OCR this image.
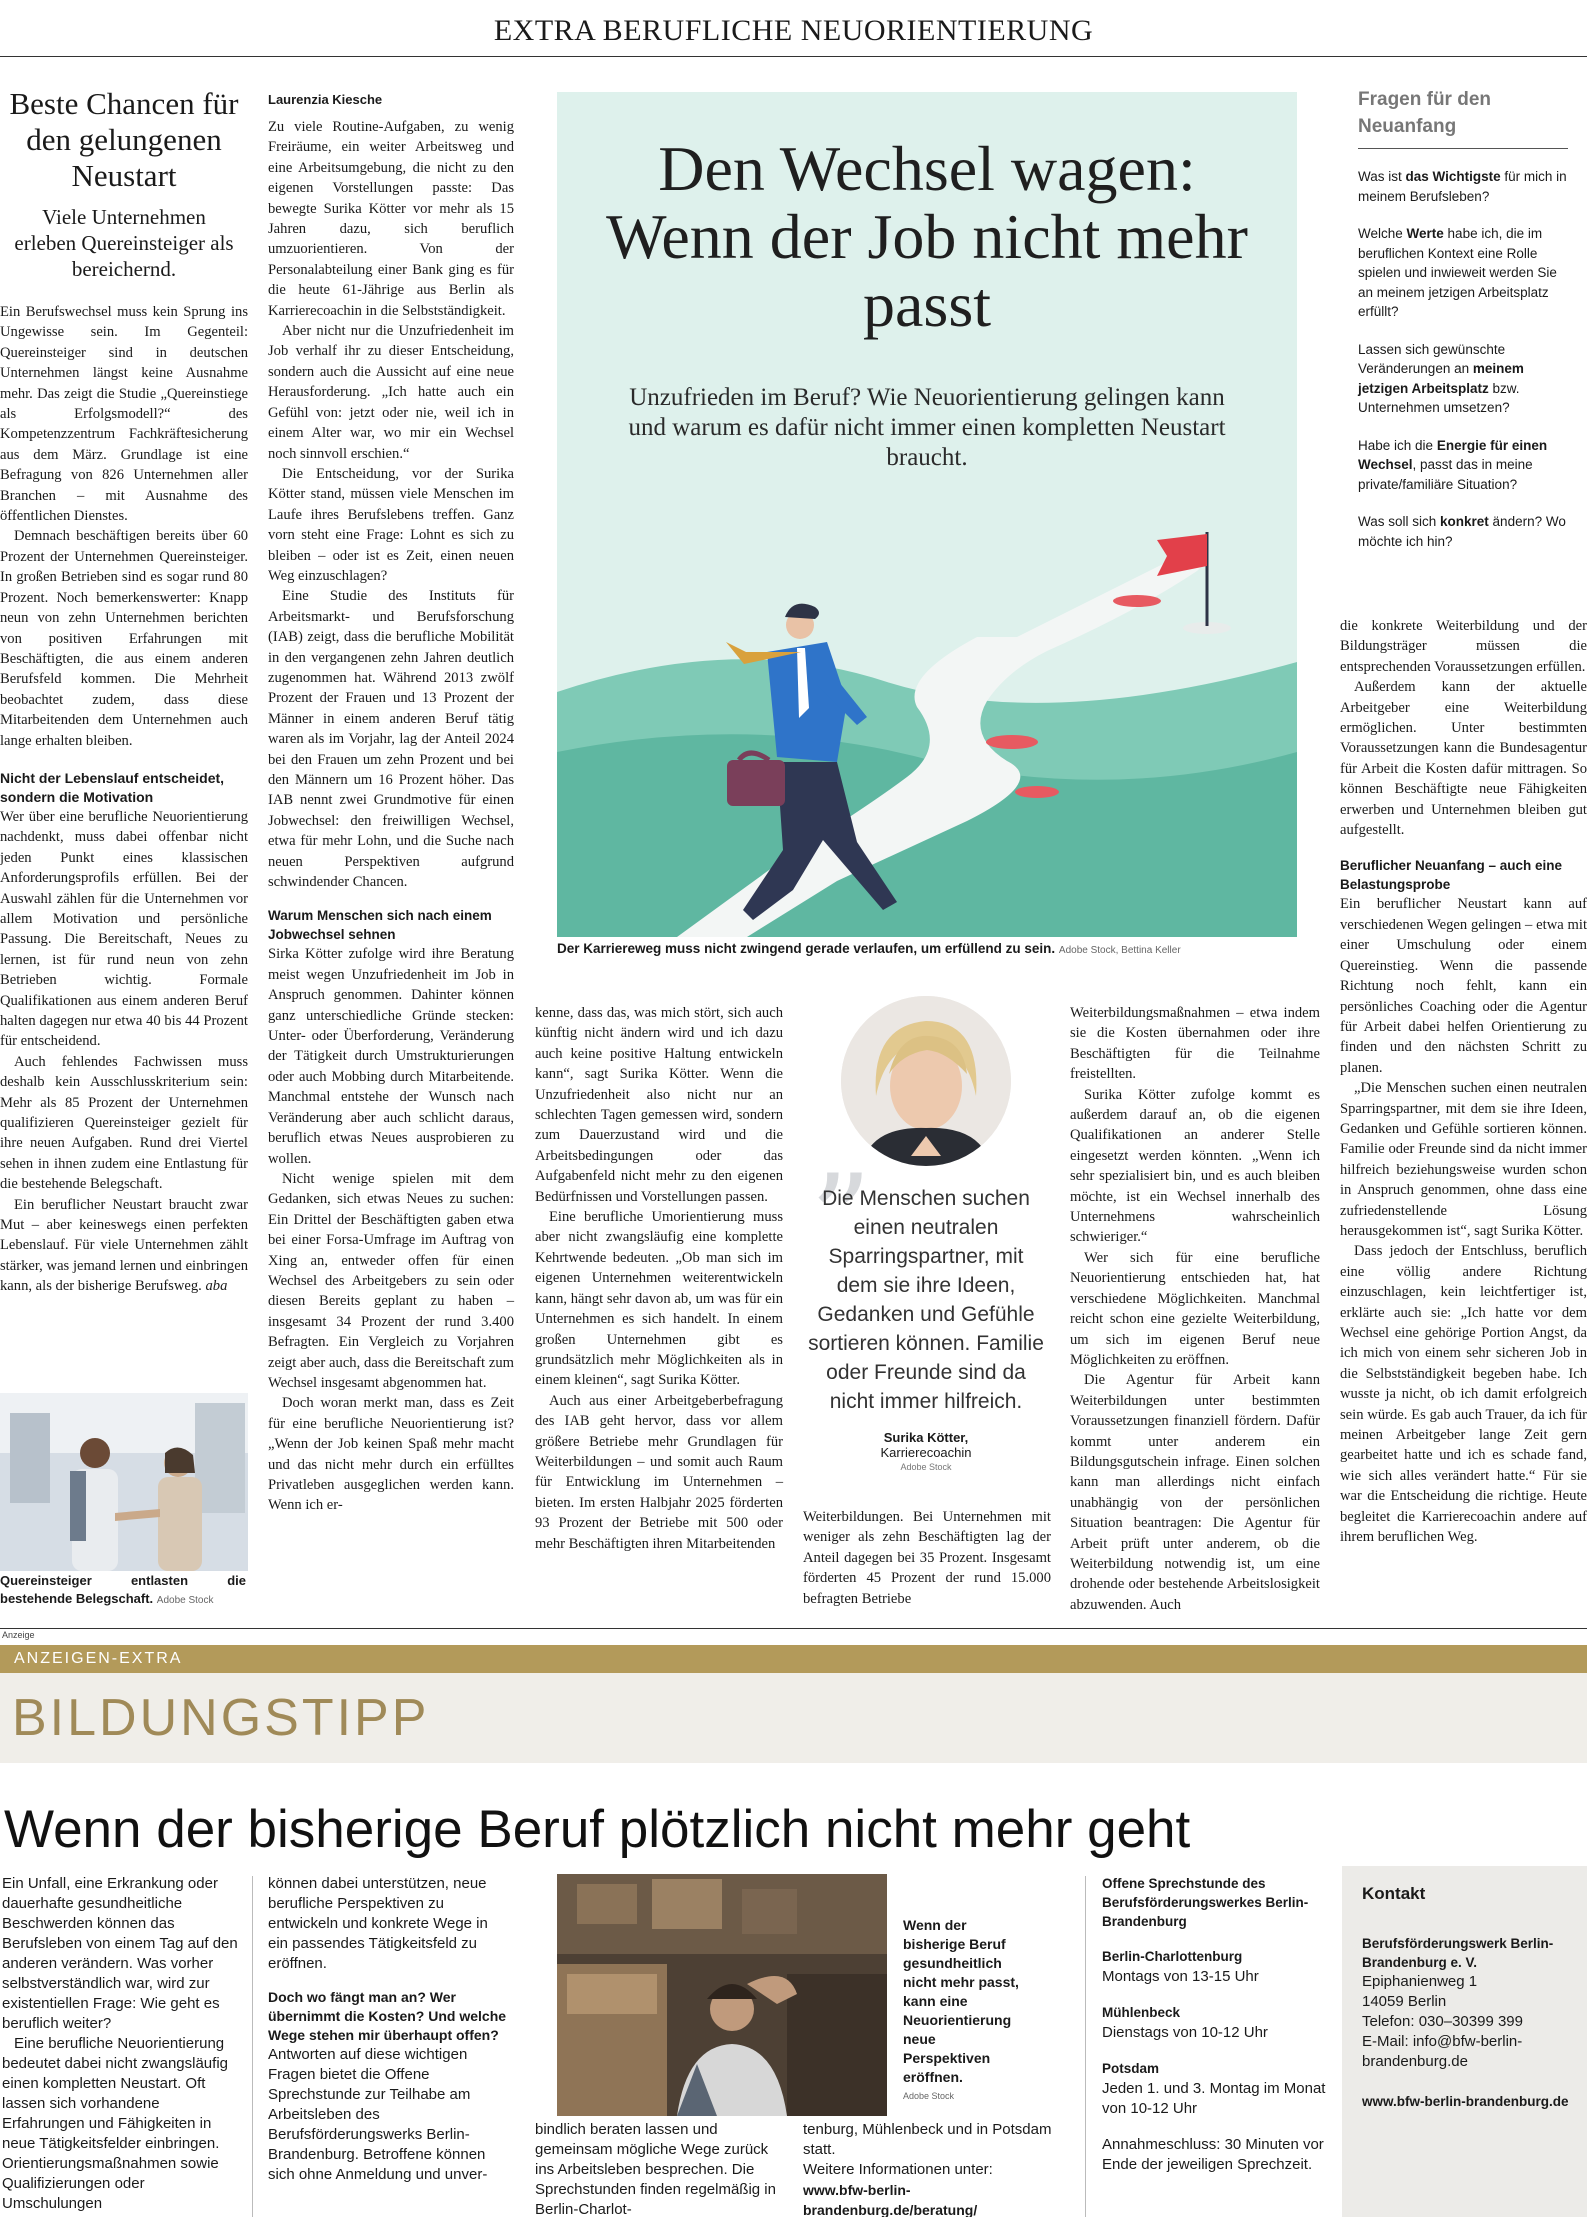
EXTRA BERUFLICHE NEUORIENTIERUNG
Beste Chancen für den gelungenen Neustart
Viele Unternehmen erleben Quereinsteiger als bereichernd.
Ein Berufswechsel muss kein Sprung ins Ungewisse sein. Im Gegenteil: Quereinsteiger sind in deutschen Unternehmen längst keine Ausnahme mehr. Das zeigt die Studie „Quereinstiege als Erfolgsmodell?“ des Kompetenzzentrum Fachkräftesicherung aus dem März. Grundlage ist eine Befragung von 826 Unternehmen aller Branchen – mit Ausnahme des öffentlichen Dienstes.
Demnach beschäftigen bereits über 60 Prozent der Unternehmen Quereinsteiger. In großen Betrieben sind es sogar rund 80 Prozent. Noch bemerkenswerter: Knapp neun von zehn Unternehmen berichten von positiven Erfahrungen mit Beschäftigten, die aus einem anderen Berufsfeld kommen. Die Mehrheit beobachtet zudem, dass diese Mitarbeitenden dem Unternehmen auch lange erhalten bleiben.
Nicht der Lebenslauf entscheidet, sondern die Motivation
Wer über eine berufliche Neuorientierung nachdenkt, muss dabei offenbar nicht jeden Punkt eines klassischen Anforderungsprofils erfüllen. Bei der Auswahl zählen für die Unternehmen vor allem Motivation und persönliche Passung. Die Bereitschaft, Neues zu lernen, ist für rund neun von zehn Betrieben wichtig. Formale Qualifikationen aus einem anderen Beruf halten dagegen nur etwa 40 bis 44 Prozent für entscheidend.
Auch fehlendes Fachwissen muss deshalb kein Ausschlusskriterium sein: Mehr als 85 Prozent der Unternehmen qualifizieren Quereinsteiger gezielt für ihre neuen Aufgaben. Rund drei Viertel sehen in ihnen zudem eine Entlastung für die bestehende Belegschaft.
Ein beruflicher Neustart braucht zwar Mut – aber keineswegs einen perfekten Lebenslauf. Für viele Unternehmen zählt stärker, was jemand lernen und einbringen kann, als der bisherige Berufsweg. aba
Quereinsteiger entlasten die bestehende Belegschaft. Adobe Stock
Laurenzia Kiesche
Zu viele Routine-Aufgaben, zu wenig Freiräume, ein weiter Arbeitsweg und eine Arbeitsumgebung, die nicht zu den eigenen Vorstellungen passte: Das bewegte Surika Kötter vor mehr als 15 Jahren dazu, sich beruflich umzuorientieren. Von der Personalabteilung einer Bank ging es für die heute 61-Jährige aus Berlin als Karrierecoachin in die Selbstständigkeit.
Aber nicht nur die Unzufriedenheit im Job verhalf ihr zu dieser Entscheidung, sondern auch die Aussicht auf eine neue Herausforderung. „Ich hatte auch ein Gefühl von: jetzt oder nie, weil ich in einem Alter war, wo mir ein Wechsel noch sinnvoll erschien.“
Die Entscheidung, vor der Surika Kötter stand, müssen viele Menschen im Laufe ihres Berufslebens treffen. Ganz vorn steht eine Frage: Lohnt es sich zu bleiben – oder ist es Zeit, einen neuen Weg einzuschlagen?
Eine Studie des Instituts für Arbeitsmarkt- und Berufsforschung (IAB) zeigt, dass die berufliche Mobilität in den vergangenen zehn Jahren deutlich zugenommen hat. Während 2013 zwölf Prozent der Frauen und 13 Prozent der Männer in einem anderen Beruf tätig waren als im Vorjahr, lag der Anteil 2024 bei den Frauen um zehn Prozent und bei den Männern um 16 Prozent höher. Das IAB nennt zwei Grundmotive für einen Jobwechsel: den freiwilligen Wechsel, etwa für mehr Lohn, und die Suche nach neuen Perspektiven aufgrund schwindender Chancen.
Warum Menschen sich nach einem Jobwechsel sehnen
Sirka Kötter zufolge wird ihre Beratung meist wegen Unzufriedenheit im Job in Anspruch genommen. Dahinter können ganz unterschiedliche Gründe stecken: Unter- oder Überforderung, Veränderung der Tätigkeit durch Umstrukturierungen oder auch Mobbing durch Mitarbeitende. Manchmal entstehe der Wunsch nach Veränderung aber auch schlicht daraus, beruflich etwas Neues ausprobieren zu wollen.
Nicht wenige spielen mit dem Gedanken, sich etwas Neues zu suchen: Ein Drittel der Beschäftigten gaben etwa bei einer Forsa-Umfrage im Auftrag von Xing an, entweder offen für einen Wechsel des Arbeitgebers zu sein oder diesen Bereits geplant zu haben – insgesamt 34 Prozent der rund 3.400 Befragten. Ein Vergleich zu Vorjahren zeigt aber auch, dass die Bereitschaft zum Wechsel insgesamt abgenommen hat.
Doch woran merkt man, dass es Zeit für eine berufliche Neuorientierung ist? „Wenn der Job keinen Spaß mehr macht und das nicht mehr durch ein erfülltes Privatleben ausgeglichen werden kann. Wenn ich er-
Den Wechsel wagen: Wenn der Job nicht mehr passt
Unzufrieden im Beruf? Wie Neuorientierung gelingen kann und warum es dafür nicht immer einen kompletten Neustart braucht.
Der Karriereweg muss nicht zwingend gerade verlaufen, um erfüllend zu sein. Adobe Stock, Bettina Keller
kenne, dass das, was mich stört, sich auch künftig nicht ändern wird und ich dazu auch keine positive Haltung entwickeln kann“, sagt Surika Kötter. Wenn die Unzufriedenheit also nicht nur an schlechten Tagen gemessen wird, sondern zum Dauerzustand wird und die Arbeitsbedingungen oder das Aufgabenfeld nicht mehr zu den eigenen Bedürfnissen und Vorstellungen passen.
Eine berufliche Umorientierung muss aber nicht zwangsläufig eine komplette Kehrtwende bedeuten. „Ob man sich im eigenen Unternehmen weiterentwickeln kann, hängt sehr davon ab, um was für ein Unternehmen es sich handelt. In einem großen Unternehmen gibt es grundsätzlich mehr Möglichkeiten als in einem kleinen“, sagt Surika Kötter.
Auch aus einer Arbeitgeberbefragung des IAB geht hervor, dass vor allem größere Betriebe mehr Grundlagen für Weiterbildungen – und somit auch Raum für Entwicklung im Unternehmen – bieten. Im ersten Halbjahr 2025 förderten 93 Prozent der Betriebe mit 500 oder mehr Beschäftigten ihren Mitarbeitenden
”
Die Menschen suchen einen neutralen Sparringspartner, mit dem sie ihre Ideen, Gedanken und Gefühle sortieren können. Familie oder Freunde sind da nicht immer hilfreich.
Surika Kötter,
Karrierecoachin
Adobe Stock
Weiterbildungen. Bei Unternehmen mit weniger als zehn Beschäftigten lag der Anteil dagegen bei 35 Prozent. Insgesamt förderten 45 Prozent der rund 15.000 befragten Betriebe
Weiterbildungsmaßnahmen – etwa indem sie die Kosten übernahmen oder ihre Beschäftigten für die Teilnahme freistellten.
Surika Kötter zufolge kommt es außerdem darauf an, ob die eigenen Qualifikationen an anderer Stelle eingesetzt werden könnten. „Wenn ich sehr spezialisiert bin, und es auch bleiben möchte, ist ein Wechsel innerhalb des Unternehmens wahrscheinlich schwieriger.“
Wer sich für eine berufliche Neuorientierung entschieden hat, hat verschiedene Möglichkeiten. Manchmal reicht schon eine gezielte Weiterbildung, um sich im eigenen Beruf neue Möglichkeiten zu eröffnen.
Die Agentur für Arbeit kann Weiterbildungen unter bestimmten Voraussetzungen finanziell fördern. Dafür kommt unter anderem ein Bildungsgutschein infrage. Einen solchen kann man allerdings nicht einfach unabhängig von der persönlichen Situation beantragen: Die Agentur für Arbeit prüft unter anderem, ob die Weiterbildung notwendig ist, um eine drohende oder bestehende Arbeitslosigkeit abzuwenden. Auch
Fragen für den Neuanfang
Was ist das Wichtigste für mich in meinem Berufsleben?
Welche Werte habe ich, die im beruflichen Kontext eine Rolle spielen und inwieweit werden Sie an meinem jetzigen Arbeitsplatz erfüllt?
Lassen sich gewünschte Veränderungen an meinem jetzigen Arbeitsplatz bzw. Unternehmen umsetzen?
Habe ich die Energie für einen Wechsel, passt das in meine private/familiäre Situation?
Was soll sich konkret ändern? Wo möchte ich hin?
die konkrete Weiterbildung und der Bildungsträger müssen die entsprechenden Voraussetzungen erfüllen.
Außerdem kann der aktuelle Arbeitgeber eine Weiterbildung ermöglichen. Unter bestimmten Voraussetzungen kann die Bundesagentur für Arbeit die Kosten dafür mittragen. So können Beschäftigte neue Fähigkeiten erwerben und Unternehmen bleiben gut aufgestellt.
Beruflicher Neuanfang – auch eine Belastungsprobe
Ein beruflicher Neustart kann auf verschiedenen Wegen gelingen – etwa mit einer Umschulung oder einem Quereinstieg. Wenn die passende Richtung noch fehlt, kann ein persönliches Coaching oder die Agentur für Arbeit dabei helfen Orientierung zu finden und den nächsten Schritt zu planen.
„Die Menschen suchen einen neutralen Sparringspartner, mit dem sie ihre Ideen, Gedanken und Gefühle sortieren können. Familie oder Freunde sind da nicht immer hilfreich beziehungsweise wurden schon in Anspruch genommen, ohne dass eine zufriedenstellende Lösung herausgekommen ist“, sagt Surika Kötter.
Dass jedoch der Entschluss, beruflich eine völlig andere Richtung einzuschlagen, kein leichtfertiger ist, erklärte auch sie: „Ich hatte vor dem Wechsel eine gehörige Portion Angst, da ich mich von einem sehr sicheren Job in die Selbstständigkeit begeben habe. Ich wusste ja nicht, ob ich damit erfolgreich sein würde. Es gab auch Trauer, da ich für meinen Arbeitgeber lange Zeit gern gearbeitet hatte und ich es schade fand, wie sich alles verändert hatte.“ Für sie war die Entscheidung die richtige. Heute begleitet die Karrierecoachin andere auf ihrem beruflichen Weg.
Anzeige
ANZEIGEN-EXTRA
BILDUNGSTIPP
Wenn der bisherige Beruf plötzlich nicht mehr geht
Ein Unfall, eine Erkrankung oder dauerhafte gesundheitliche Beschwerden können das Berufsleben von einem Tag auf den anderen verändern. Was vorher selbstverständlich war, wird zur existentiellen Frage: Wie geht es beruflich weiter?
Eine berufliche Neuorientierung bedeutet dabei nicht zwangsläufig einen kompletten Neustart. Oft lassen sich vorhandene Erfahrungen und Fähigkeiten in neue Tätigkeitsfelder einbringen. Orientierungsmaßnahmen sowie Qualifizierungen oder Umschulungen
können dabei unterstützen, neue berufliche Perspektiven zu entwickeln und konkrete Wege in ein passendes Tätigkeitsfeld zu eröffnen.
Doch wo fängt man an? Wer übernimmt die Kosten? Und welche Wege stehen mir überhaupt offen?
Antworten auf diese wichtigen Fragen bietet die Offene Sprechstunde zur Teilhabe am Arbeitsleben des Berufsförderungswerks Berlin-Brandenburg. Betroffene können sich ohne Anmeldung und unver-
Wenn der bisherige Beruf gesundheitlich nicht mehr passt, kann eine Neuorientierung neue Perspektiven eröffnen.
Adobe Stock
bindlich beraten lassen und gemeinsam mögliche Wege zurück ins Arbeitsleben besprechen. Die Sprechstunden finden regelmäßig in Berlin-Charlot-
tenburg, Mühlenbeck und in Potsdam statt.
Weitere Informationen unter:
www.bfw-berlin-brandenburg.de/beratung/
Offene Sprechstunde des Berufsförderungswerkes Berlin-Brandenburg
Berlin-Charlottenburg
Montags von 13-15 Uhr
Mühlenbeck
Dienstags von 10-12 Uhr
Potsdam
Jeden 1. und 3. Montag im Monat von 10-12 Uhr
Annahmeschluss: 30 Minuten vor Ende der jeweiligen Sprechzeit.
Kontakt
Berufsförderungswerk Berlin-Brandenburg e. V.
Epiphanienweg 1
14059 Berlin
Telefon: 030–30399 399
E-Mail: info@bfw-berlin-brandenburg.de
www.bfw-berlin-brandenburg.de
